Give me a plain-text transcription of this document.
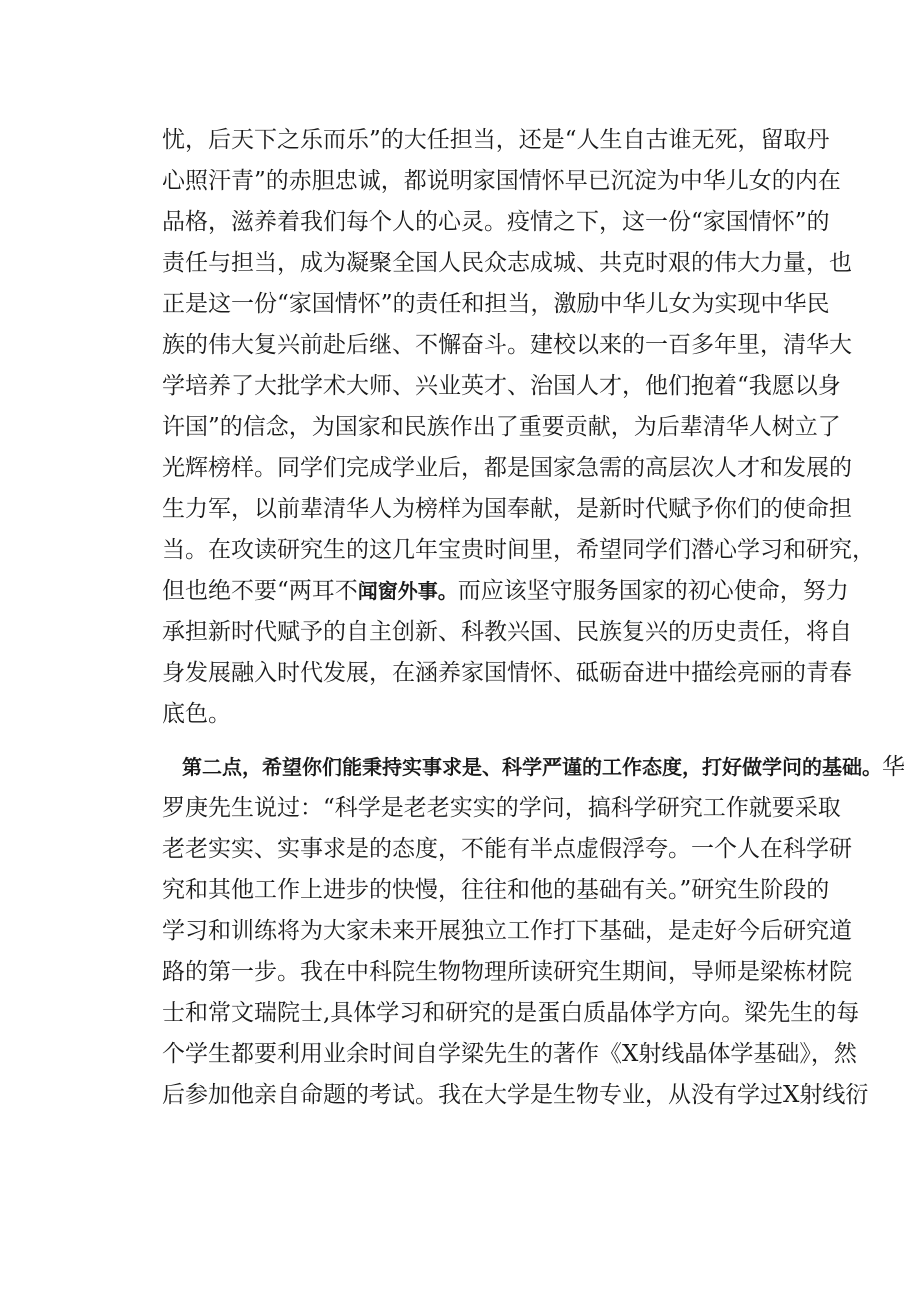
忧，后天下之乐而乐”的大任担当，还是“人生自古谁无死，留取丹
心照汗青”的赤胆忠诚，都说明家国情怀早已沉淀为中华儿女的内在
品格，滋养着我们每个人的心灵。疫情之下，这一份“家国情怀”的
责任与担当，成为凝聚全国人民众志成城、共克时艰的伟大力量，也
正是这一份“家国情怀”的责任和担当，激励中华儿女为实现中华民
族的伟大复兴前赴后继、不懈奋斗。建校以来的一百多年里，清华大
学培养了大批学术大师、兴业英才、治国人才，他们抱着“我愿以身
许国”的信念，为国家和民族作出了重要贡献，为后辈清华人树立了
光辉榜样。同学们完成学业后，都是国家急需的高层次人才和发展的
生力军，以前辈清华人为榜样为国奉献，是新时代赋予你们的使命担
当。在攻读研究生的这几年宝贵时间里，希望同学们潜心学习和研究，
但也绝不要“两耳不闻窗外事。而应该坚守服务国家的初心使命，努力
承担新时代赋予的自主创新、科教兴国、民族复兴的历史责任，将自
身发展融入时代发展，在涵养家国情怀、砥砺奋进中描绘亮丽的青春
底色。
第二点，希望你们能秉持实事求是、科学严谨的工作态度，打好做学问的基础。华
罗庚先生说过：“科学是老老实实的学问，搞科学研究工作就要采取
老老实实、实事求是的态度，不能有半点虚假浮夸。一个人在科学研
究和其他工作上进步的快慢，往往和他的基础有关。”研究生阶段的
学习和训练将为大家未来开展独立工作打下基础，是走好今后研究道
路的第一步。我在中科院生物物理所读研究生期间，导师是梁栋材院
士和常文瑞院士,具体学习和研究的是蛋白质晶体学方向。梁先生的每
个学生都要利用业余时间自学梁先生的著作《X射线晶体学基础》，然
后参加他亲自命题的考试。我在大学是生物专业，从没有学过X射线衍
